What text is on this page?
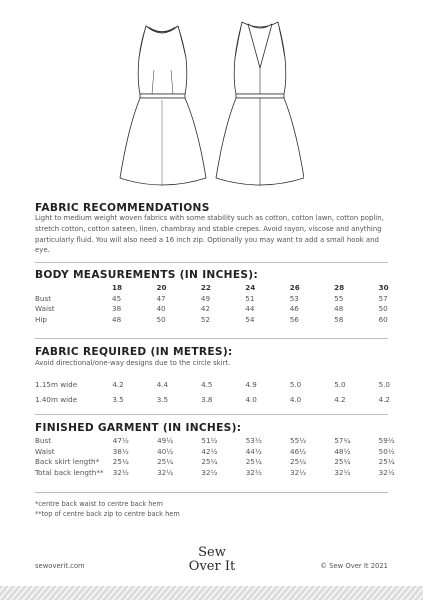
FABRIC RECOMMENDATIONS
Light to medium weight woven fabrics with some stability such as cotton, cotton lawn, cotton poplin, stretch cotton, cotton sateen, linen, chambray and stable crepes. Avoid rayon, viscose and anything particularly fluid. You will also need a 16 inch zip. Optionally you may want to add a small hook and eye.
BODY MEASUREMENTS (IN INCHES):
	18	20	22	24	26	28	30
Bust	45	47	49	51	53	55	57
Waist	38	40	42	44	46	48	50
Hip	48	50	52	54	56	58	60
FABRIC REQUIRED (IN METRES):
Avoid directional/one-way designs due to the circle skirt.
1.15m wide	4.2	4.4	4.5	4.9	5.0	5.0	5.0
1.40m wide	3.5	3.5	3.8	4.0	4.0	4.2	4.2
FINISHED GARMENT (IN INCHES):
Bust	47½	49½	51½	53½	55½	57¼	59½
Waist	38½	40½	42½	44½	46½	48½	50½
Back skirt length*	25¼	25¼	25¼	25¼	25¼	25¼	25¼
Total back length**	32½	32½	32½	32½	32½	32½	32½
*centre back waist to centre back hem
**top of centre back zip to centre back hem
sewoverit.com
Sew
Over It	© Sew Over It 2021
